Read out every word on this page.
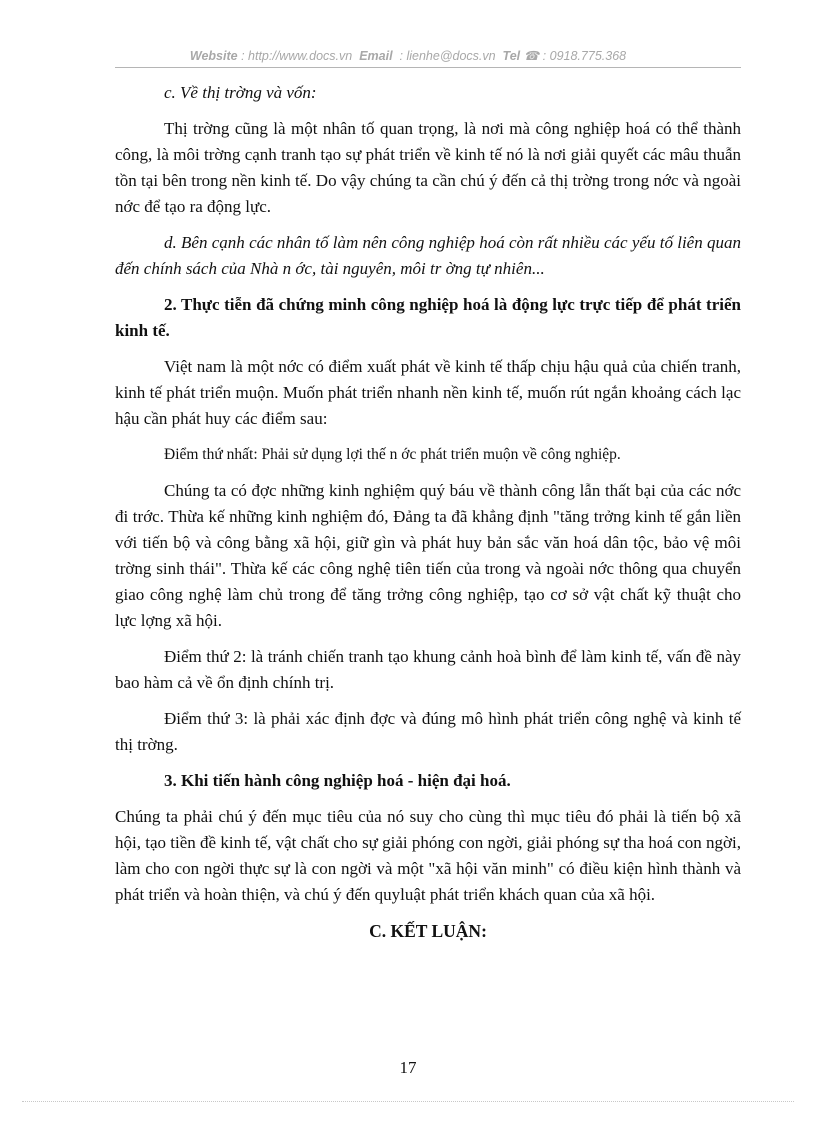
Website : http://www.docs.vn Email : lienhe@docs.vn Tel ☎ : 0918.775.368

c. Về thị trờng và vốn:

Thị trờng cũng là một nhân tố quan trọng, là nơi mà công nghiệp hoá có thể thành công, là môi trờng cạnh tranh tạo sự phát triển về kinh tế nó là nơi giải quyết các mâu thuẫn tồn tại bên trong nền kinh tế. Do vậy chúng ta cần chú ý đến cả thị trờng trong nớc và ngoài nớc để tạo ra động lực.

d. Bên cạnh các nhân tố làm nên công nghiệp hoá còn rất nhiều các yếu tố liên quan đến chính sách của Nhà n ớc, tài nguyên, môi tr ờng tự nhiên...

2. Thực tiễn đã chứng minh công nghiệp hoá là động lực trực tiếp để phát triển kinh tế.

Việt nam là một nớc có điểm xuất phát về kinh tế thấp chịu hậu quả của chiến tranh, kinh tế phát triển muộn. Muốn phát triển nhanh nền kinh tế, muốn rút ngắn khoảng cách lạc hậu cần phát huy các điểm sau:

Điểm thứ nhất: Phải sử dụng lợi thế n ớc phát triển muộn về công nghiệp.

Chúng ta có đợc những kinh nghiệm quý báu về thành công lẫn thất bại của các nớc đi trớc. Thừa kế những kinh nghiệm đó, Đảng ta đã khẳng định "tăng trởng kinh tế gắn liền với tiến bộ và công bằng xã hội, giữ gìn và phát huy bản sắc văn hoá dân tộc, bảo vệ môi trờng sinh thái". Thừa kế các công nghệ tiên tiến của trong và ngoài nớc thông qua chuyển giao công nghệ làm chủ trong để tăng trởng công nghiệp, tạo cơ sở vật chất kỹ thuật cho lực lợng xã hội.

Điểm thứ 2: là tránh chiến tranh tạo khung cảnh hoà bình để làm kinh tế, vấn đề này bao hàm cả về ổn định chính trị.

Điểm thứ 3: là phải xác định đợc và đúng mô hình phát triển công nghệ và kinh tế thị trờng.

3. Khi tiến hành công nghiệp hoá - hiện đại hoá.

Chúng ta phải chú ý đến mục tiêu của nó suy cho cùng thì mục tiêu đó phải là tiến bộ xã hội, tạo tiền đề kinh tế, vật chất cho sự giải phóng con ngời, giải phóng sự tha hoá con ngời, làm cho con ngời thực sự là con ngời và một "xã hội văn minh" có điều kiện hình thành và phát triển và hoàn thiện, và chú ý đến quyluật phát triển khách quan của xã hội.

C. KẾT LUẬN:

17
